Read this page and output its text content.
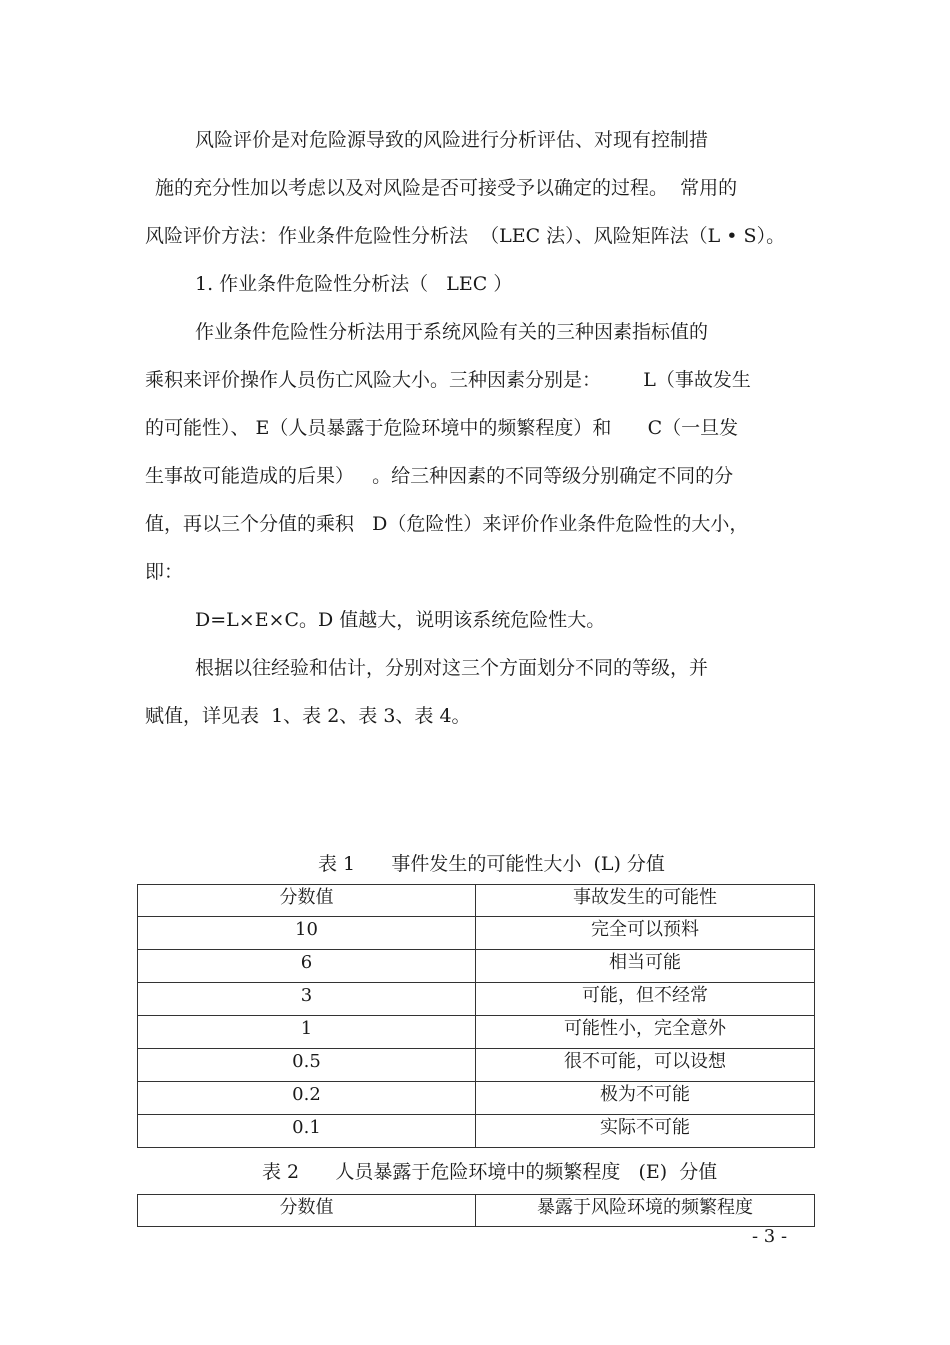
风险评价是对危险源导致的风险进行分析评估、对现有控制措
施的充分性加以考虑以及对风险是否可接受予以确定的过程。  常用的
风险评价方法：作业条件危险性分析法  （LEC 法）、风险矩阵法（L • S）。
1. 作业条件危险性分析法（   LEC ）
作业条件危险性分析法用于系统风险有关的三种因素指标值的
乘积来评价操作人员伤亡风险大小。三种因素分别是：       L（事故发生
的可能性）、 E（人员暴露于危险环境中的频繁程度）和      C（一旦发
生事故可能造成的后果）   。给三种因素的不同等级分别确定不同的分
值，再以三个分值的乘积   D（危险性）来评价作业条件危险性的大小，
即：
D=L×E×C。D 值越大，说明该系统危险性大。
根据以往经验和估计，分别对这三个方面划分不同的等级，并
赋值，详见表  1、表 2、表 3、表 4。
表 1      事件发生的可能性大小  (L) 分值
分数值	事故发生的可能性
10	完全可以预料
6	相当可能
3	可能，但不经常
1	可能性小，完全意外
0.5	很不可能，可以设想
0.2	极为不可能
0.1	实际不可能
表 2      人员暴露于危险环境中的频繁程度   (E)  分值
分数值	暴露于风险环境的频繁程度
- 3 -
